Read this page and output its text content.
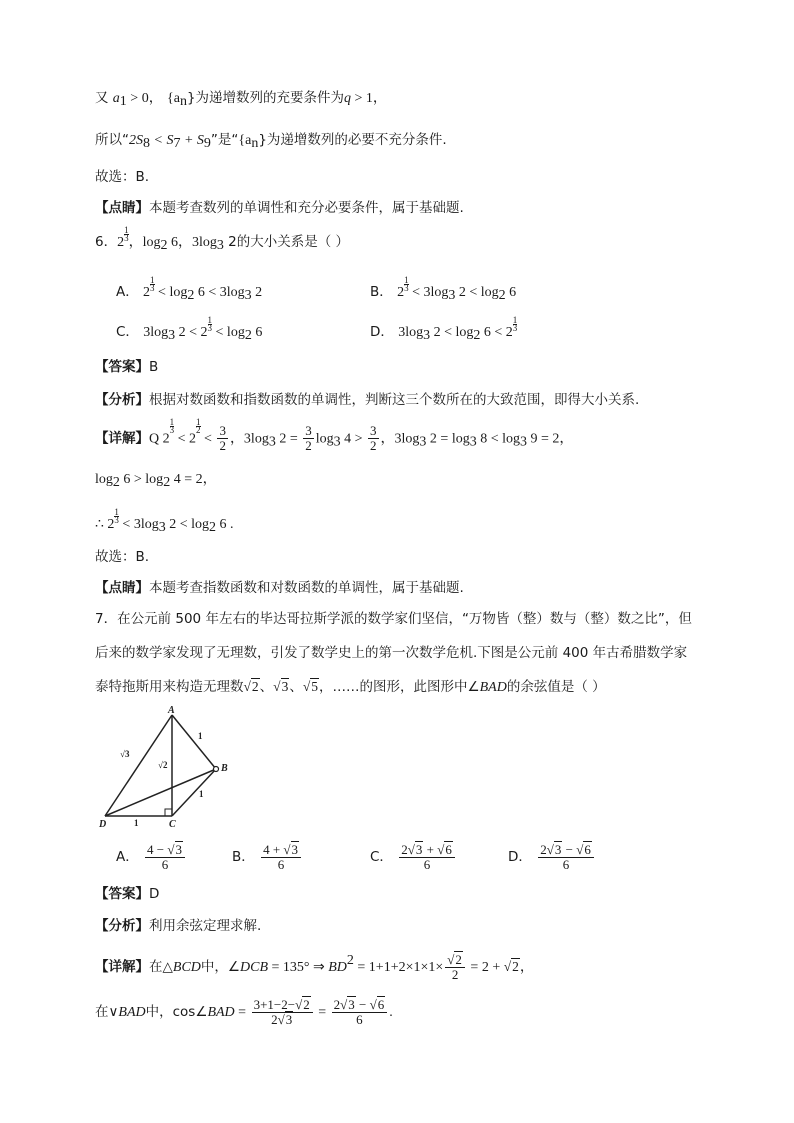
又 $a_1 > 0$， $\{a_n\}$为递增数列的充要条件为q > 1，
所以“$2S_8 < S_7 + S_9$”是“$\{a_n\}$为递增数列的必要不充分条件.
故选：B.
【点睛】本题考查数列的单调性和充分必要条件，属于基础题.
6．2
$\frac{1}{3}$
，$\log_2 6$，$3\log_3$ 2的大小关系是（ ）
A． 2
$\frac{1}{3}$
< $\log_2 6 < 3\log_3$ 2	B． 2
$\frac{1}{3}$
< $3\log_3$ $2 < \log_2 6$
C． $3\log_3$ 2 < 2
$\frac{1}{3}$
< $\log_2 6$	D． $3\log_3$ $2 < \log_2 6 < 2$
$\frac{1}{3}$
【答案】B
【分析】根据对数函数和指数函数的单调性，判断这三个数所在的大致范围，即得大小关系.
【详解】Q 2
$\frac{1}{3}$
< 2
$\frac{1}{2}$
< $\frac{3}{2}$ ，$3\log_3$ $2 = \frac{3}{2} \log_3 4 > \frac{3}{2}$ ，$3\log_3$ $2 = \log_3 8 < \log_3 9 = 2$，
$\log_2 6 > \log_2 4 = 2$，
∴ 2
$\frac{1}{3}$
< $3\log_3$ $2 < \log_2 6$ .
故选：B.
【点睛】本题考查指数函数和对数函数的单调性，属于基础题.
7．在公元前 500 年左右的毕达哥拉斯学派的数学家们坚信，“万物皆（整）数与（整）数之比”，但
后来的数学家发现了无理数，引发了数学史上的第一次数学危机.下图是公元前 400 年古希腊数学家
泰特拖斯用来构造无理数√2、√3、√5，……的图形，此图形中∠BAD的余弦值是（ ）
A
B
C
D
1
1
1
√3
√2
A． $\frac{4 - √3}{6}$	B． $\frac{4 + √3}{6}$	C． $\frac{2√3 + √6}{6}$	D． $\frac{2√3 - √6}{6}$
【答案】D
【分析】利用余弦定理求解.
【详解】在△BCD中，∠DCB = 135° ⇒ $BD^2 = 1+1+2\times 1\times 1\times \frac{√2}{2} = 2 + √2$，
在∨BAD中，cos∠BAD = $\frac{3+1-2-√2}{2√3} = \frac{2√3 - √6}{6}$ .
